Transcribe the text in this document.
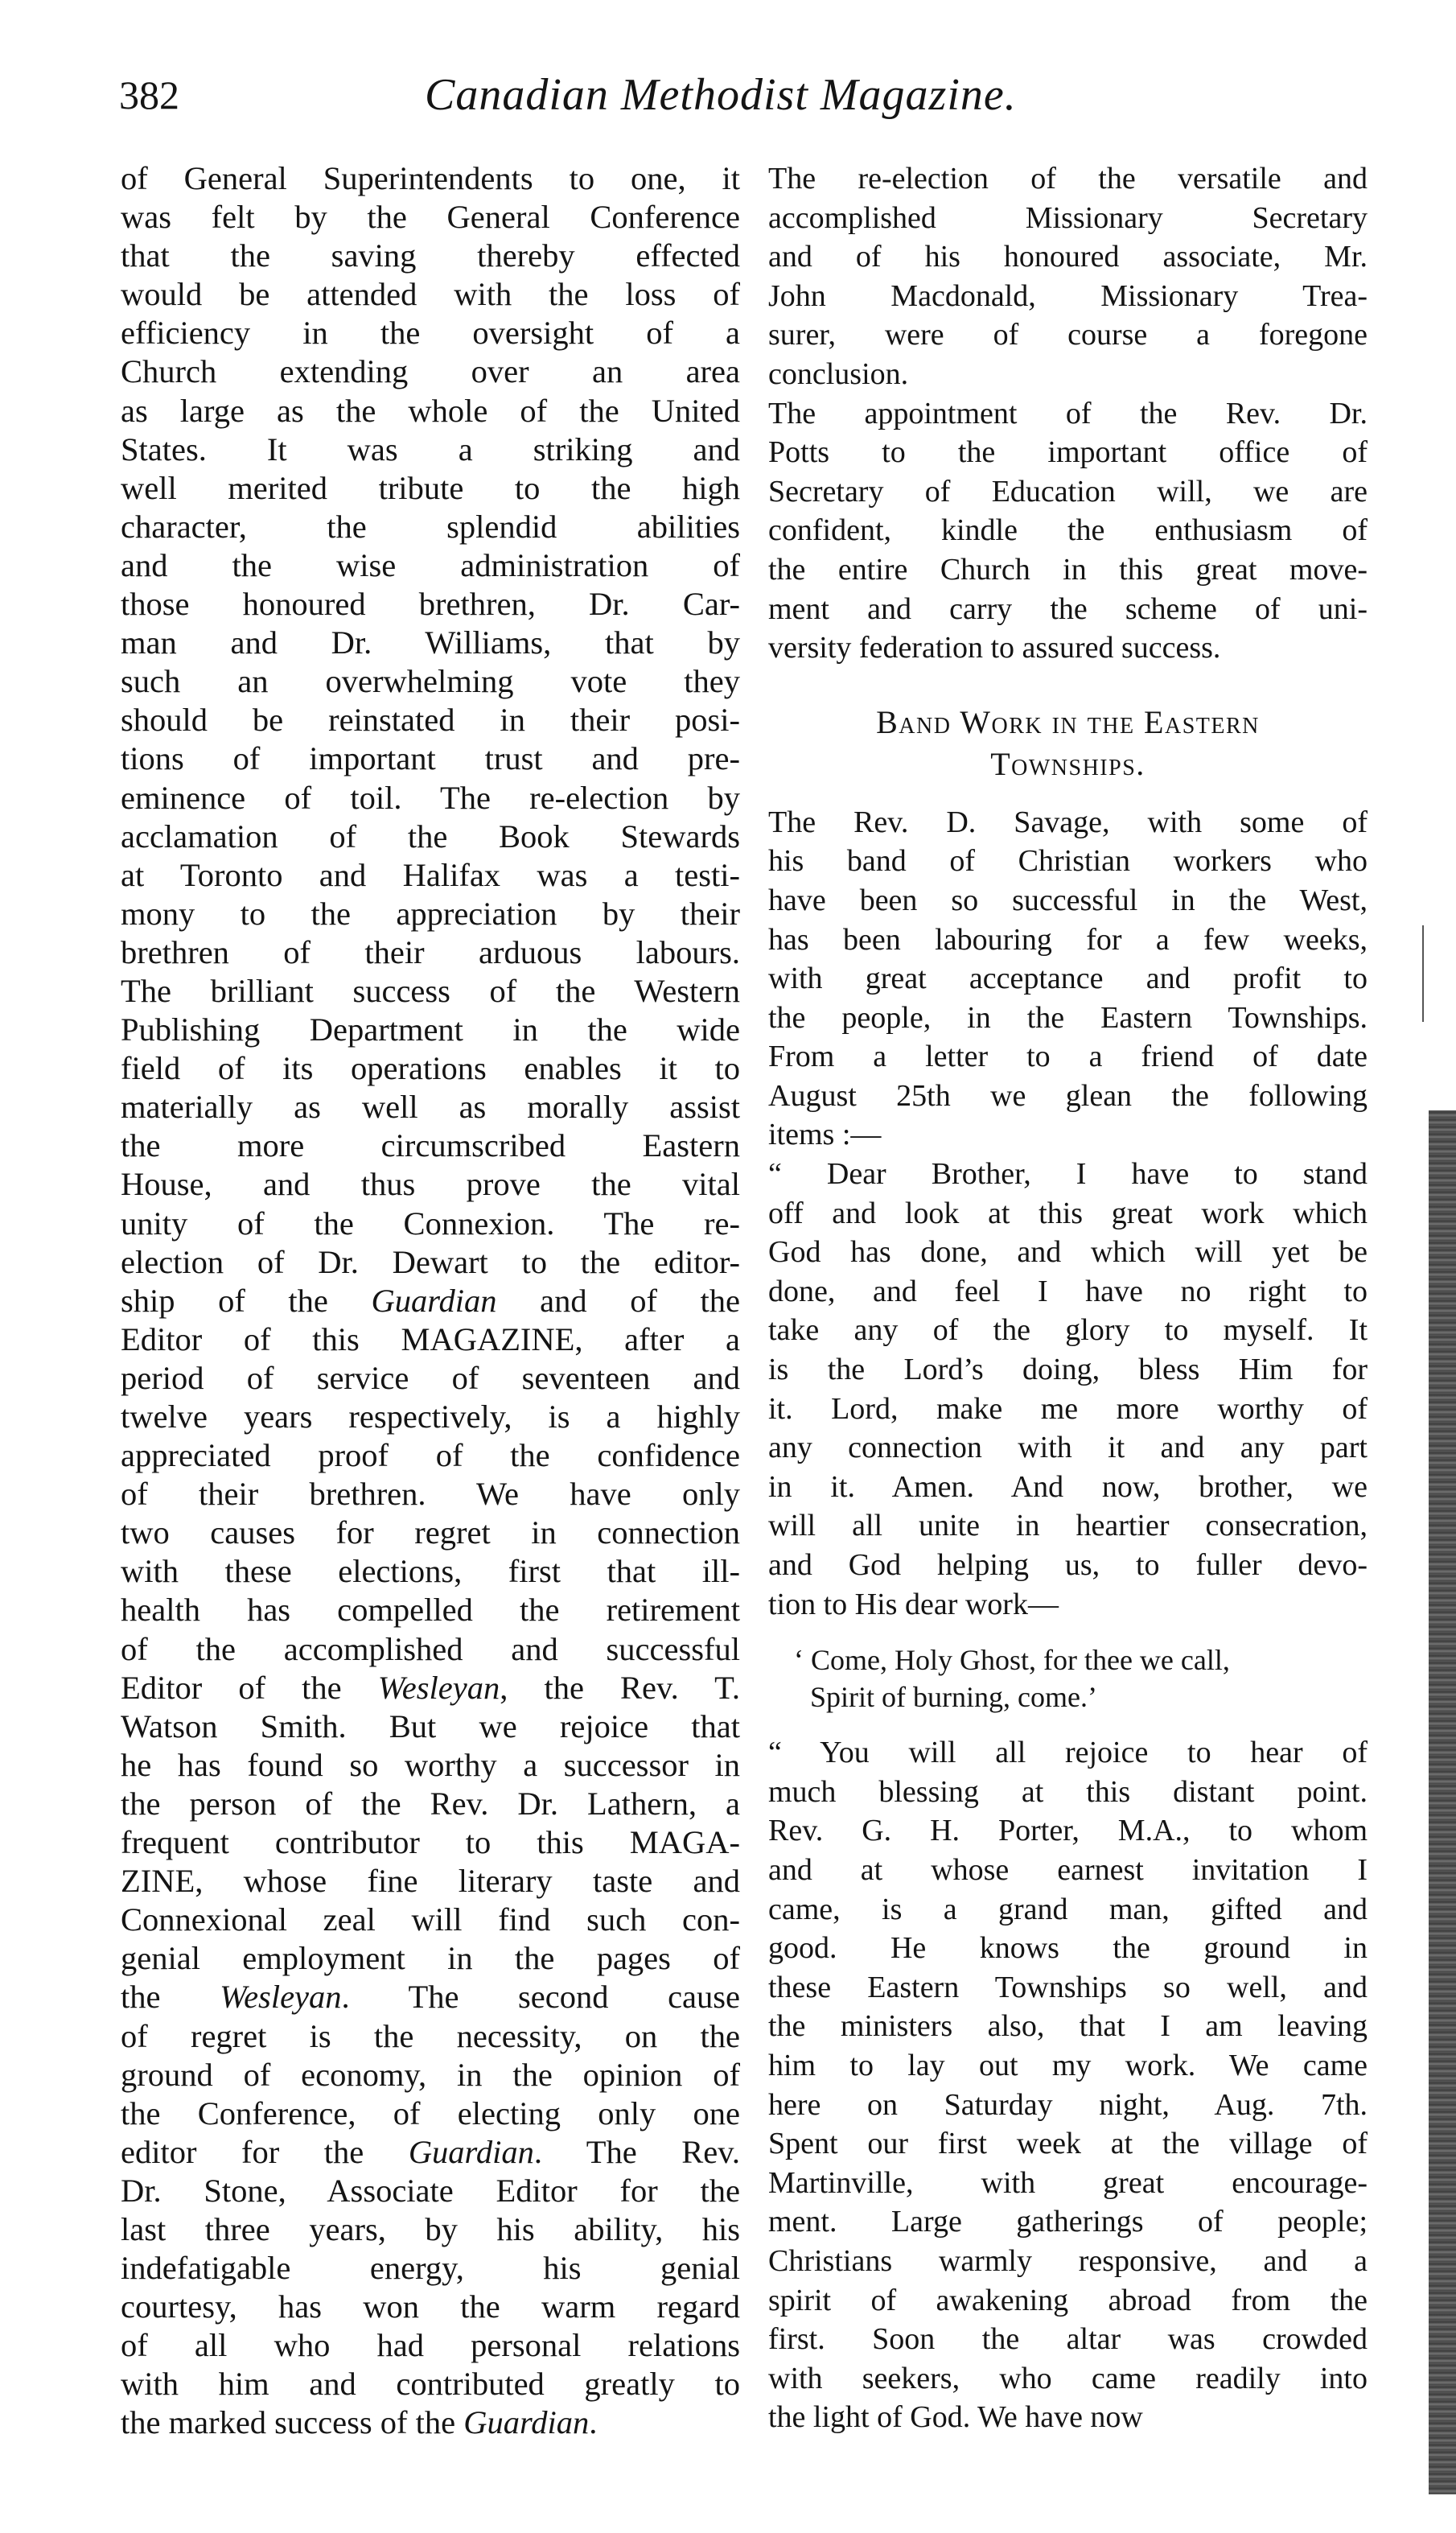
382	Canadian Methodist Magazine.
of General Superintendents to one, it
was felt by the General Conference
that the saving thereby effected
would be attended with the loss of
efficiency in the oversight of a
Church extending over an area
as large as the whole of the United
States. It was a striking and
well merited tribute to the high
character, the splendid abilities
and the wise administration of
those honoured brethren, Dr. Car-
man and Dr. Williams, that by
such an overwhelming vote they
should be reinstated in their posi-
tions of important trust and pre-
eminence of toil. The re-election by
acclamation of the Book Stewards
at Toronto and Halifax was a testi-
mony to the appreciation by their
brethren of their arduous labours.
The brilliant success of the Western
Publishing Department in the wide
field of its operations enables it to
materially as well as morally assist
the more circumscribed Eastern
House, and thus prove the vital
unity of the Connexion. The re-
election of Dr. Dewart to the editor-
ship of the Guardian and of the
Editor of this MAGAZINE, after a
period of service of seventeen and
twelve years respectively, is a highly
appreciated proof of the confidence
of their brethren. We have only
two causes for regret in connection
with these elections, first that ill-
health has compelled the retirement
of the accomplished and successful
Editor of the Wesleyan, the Rev. T.
Watson Smith. But we rejoice that
he has found so worthy a successor in
the person of the Rev. Dr. Lathern, a
frequent contributor to this MAGA-
ZINE, whose fine literary taste and
Connexional zeal will find such con-
genial employment in the pages of
the Wesleyan. The second cause
of regret is the necessity, on the
ground of economy, in the opinion of
the Conference, of electing only one
editor for the Guardian. The Rev.
Dr. Stone, Associate Editor for the
last three years, by his ability, his
indefatigable energy, his genial
courtesy, has won the warm regard
of all who had personal relations
with him and contributed greatly to
the marked success of the Guardian.
The re-election of the versatile and
accomplished Missionary Secretary
and of his honoured associate, Mr.
John Macdonald, Missionary Trea-
surer, were of course a foregone
conclusion.
The appointment of the Rev. Dr.
Potts to the important office of
Secretary of Education will, we are
confident, kindle the enthusiasm of
the entire Church in this great move-
ment and carry the scheme of uni-
versity federation to assured success.
Band Work in the Eastern
Townships.
The Rev. D. Savage, with some of
his band of Christian workers who
have been so successful in the West,
has been labouring for a few weeks,
with great acceptance and profit to
the people, in the Eastern Townships.
From a letter to a friend of date
August 25th we glean the following
items :—
“ Dear Brother, I have to stand
off and look at this great work which
God has done, and which will yet be
done, and feel I have no right to
take any of the glory to myself. It
is the Lord’s doing, bless Him for
it. Lord, make me more worthy of
any connection with it and any part
in it. Amen. And now, brother, we
will all unite in heartier consecration,
and God helping us, to fuller devo-
tion to His dear work—
‘ Come, Holy Ghost, for thee we call,
Spirit of burning, come.’
“ You will all rejoice to hear of
much blessing at this distant point.
Rev. G. H. Porter, M.A., to whom
and at whose earnest invitation I
came, is a grand man, gifted and
good. He knows the ground in
these Eastern Townships so well, and
the ministers also, that I am leaving
him to lay out my work. We came
here on Saturday night, Aug. 7th.
Spent our first week at the village of
Martinville, with great encourage-
ment. Large gatherings of people;
Christians warmly responsive, and a
spirit of awakening abroad from the
first. Soon the altar was crowded
with seekers, who came readily into
the light of God. We have now
